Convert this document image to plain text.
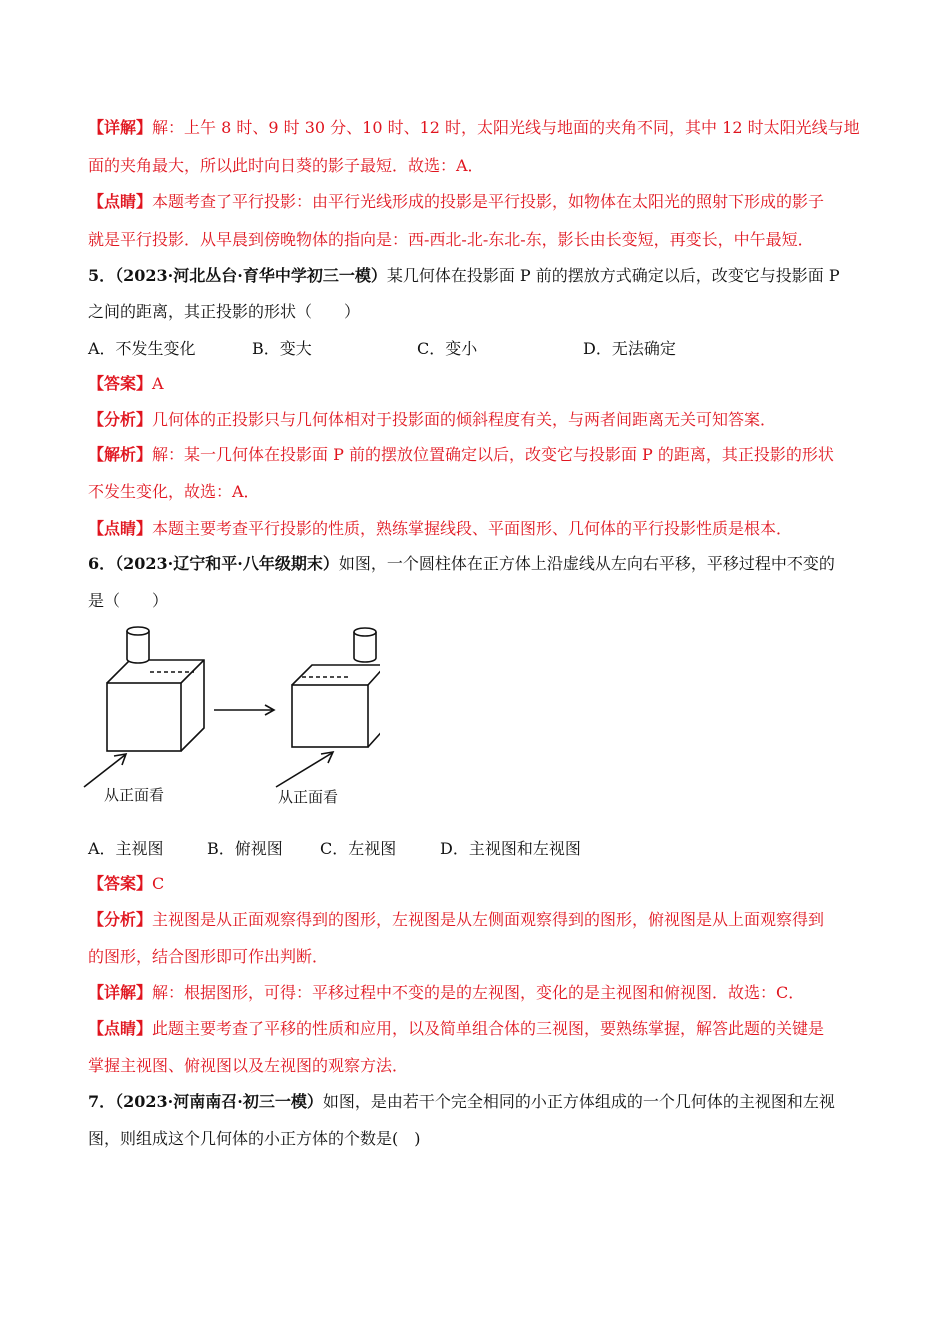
【详解】解：上午 8 时、9 时 30 分、10 时、12 时，太阳光线与地面的夹角不同，其中 12 时太阳光线与地
面的夹角最大，所以此时向日葵的影子最短．故选：A．
【点睛】本题考查了平行投影：由平行光线形成的投影是平行投影，如物体在太阳光的照射下形成的影子
就是平行投影．从早晨到傍晚物体的指向是：西-西北-北-东北-东，影长由长变短，再变长，中午最短．
5．（2023·河北丛台·育华中学初三一模）某几何体在投影面 P 前的摆放方式确定以后，改变它与投影面 P
之间的距离，其正投影的形状（　　）
A．不发生变化	B．变大	C．变小	D．无法确定
【答案】A
【分析】几何体的正投影只与几何体相对于投影面的倾斜程度有关，与两者间距离无关可知答案．
【解析】解：某一几何体在投影面 P 前的摆放位置确定以后，改变它与投影面 P 的距离，其正投影的形状
不发生变化，故选：A．
【点睛】本题主要考查平行投影的性质，熟练掌握线段、平面图形、几何体的平行投影性质是根本．
6．（2023·辽宁和平·八年级期末）如图，一个圆柱体在正方体上沿虚线从左向右平移，平移过程中不变的
是（　　）
从正面看	从正面看
A．主视图	B．俯视图 C．左视图	D．主视图和左视图
【答案】C
【分析】主视图是从正面观察得到的图形，左视图是从左侧面观察得到的图形，俯视图是从上面观察得到
的图形，结合图形即可作出判断．
【详解】解：根据图形，可得：平移过程中不变的是的左视图，变化的是主视图和俯视图．故选：C．
【点睛】此题主要考查了平移的性质和应用，以及简单组合体的三视图，要熟练掌握，解答此题的关键是
掌握主视图、俯视图以及左视图的观察方法．
7．（2023·河南南召·初三一模）如图，是由若干个完全相同的小正方体组成的一个几何体的主视图和左视
图，则组成这个几何体的小正方体的个数是(　)
